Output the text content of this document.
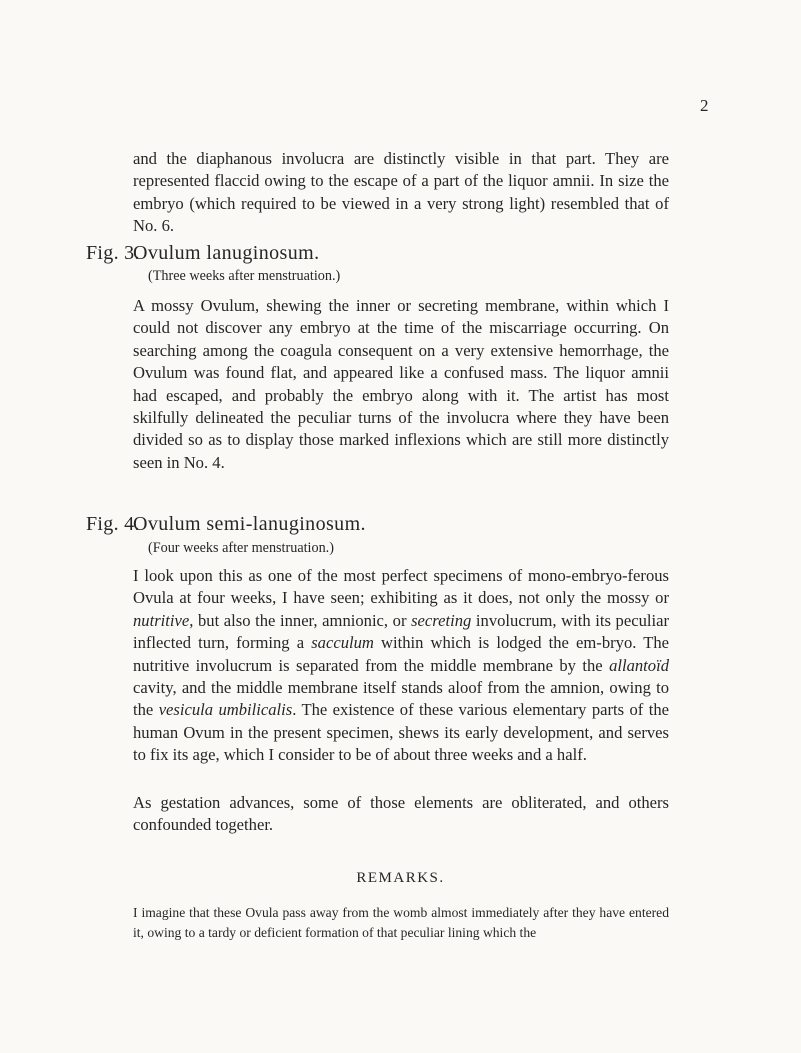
2

and the diaphanous involucra are distinctly visible in that part. They are represented flaccid owing to the escape of a part of the liquor amnii. In size the embryo (which required to be viewed in a very strong light) resembled that of No. 6.

Fig. 3.
Ovulum lanuginosum.
(Three weeks after menstruation.)

A mossy Ovulum, shewing the inner or secreting membrane, within which I could not discover any embryo at the time of the miscarriage occurring. On searching among the coagula consequent on a very extensive hemorrhage, the Ovulum was found flat, and appeared like a confused mass. The liquor amnii had escaped, and probably the embryo along with it. The artist has most skilfully delineated the peculiar turns of the involucra where they have been divided so as to display those marked inflexions which are still more distinctly seen in No. 4.

Fig. 4.
Ovulum semi-lanuginosum.
(Four weeks after menstruation.)

I look upon this as one of the most perfect specimens of mono-embryo-ferous Ovula at four weeks, I have seen; exhibiting as it does, not only the mossy or nutritive, but also the inner, amnionic, or secreting involucrum, with its peculiar inflected turn, forming a sacculum within which is lodged the em-bryo. The nutritive involucrum is separated from the middle membrane by the allantoïd cavity, and the middle membrane itself stands aloof from the amnion, owing to the vesicula umbilicalis. The existence of these various elementary parts of the human Ovum in the present specimen, shews its early development, and serves to fix its age, which I consider to be of about three weeks and a half.

As gestation advances, some of those elements are obliterated, and others confounded together.

REMARKS.

I imagine that these Ovula pass away from the womb almost immediately after they have entered it, owing to a tardy or deficient formation of that peculiar lining which the
